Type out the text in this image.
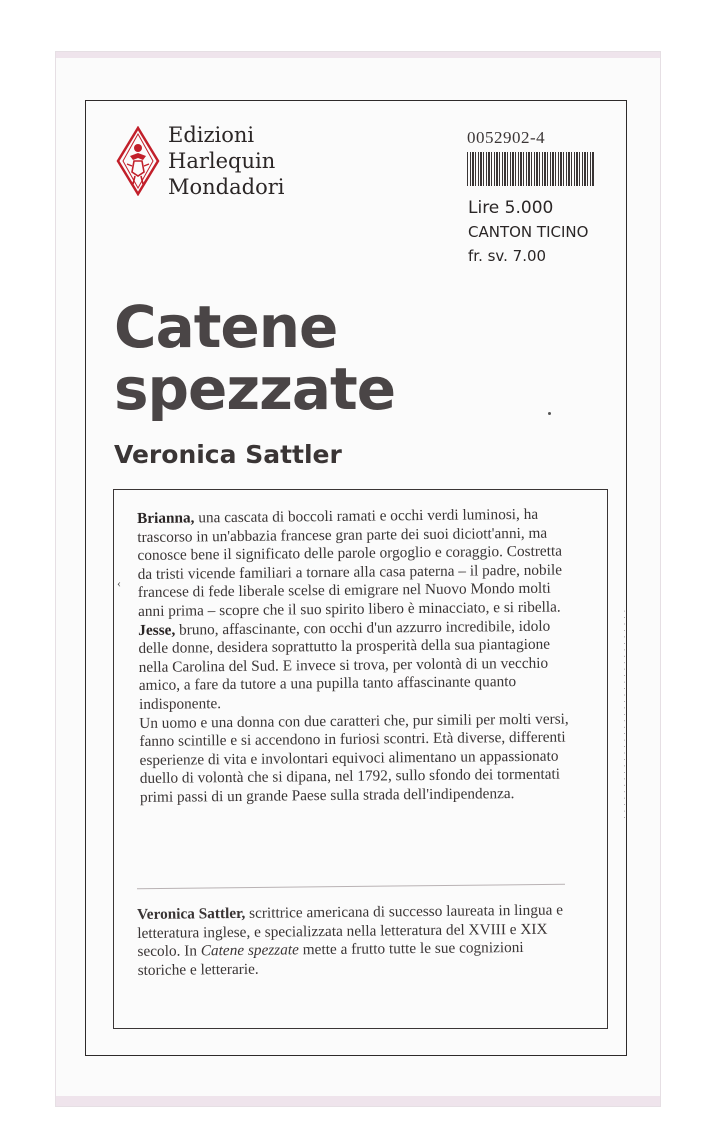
Edizioni
Harlequin
Mondadori
0052902-4
Lire 5.000
CANTON TICINO
fr. sv. 7.00
Catene
spezzate
Veronica Sattler
‹

Brianna, una cascata di boccoli ramati e occhi verdi luminosi, ha trascorso in un'abbazia francese gran parte dei suoi diciott'anni, ma conosce bene il significato delle parole orgoglio e coraggio. Costretta da tristi vicende familiari a tornare alla casa paterna – il padre, nobile francese di fede liberale scelse di emigrare nel Nuovo Mondo molti anni prima – scopre che il suo spirito libero è minacciato, e si ribella.

Jesse, bruno, affascinante, con occhi d'un azzurro incredibile, idolo delle donne, desidera soprattutto la prosperità della sua piantagione nella Carolina del Sud. E invece si trova, per volontà di un vecchio amico, a fare da tutore a una pupilla tanto affascinante quanto indisponente.

Un uomo e una donna con due caratteri che, pur simili per molti versi, fanno scintille e si accendono in furiosi scontri. Età diverse, differenti esperienze di vita e involontari equivoci alimentano un appassionato duello di volontà che si dipana, nel 1792, sullo sfondo dei tormentati primi passi di un grande Paese sulla strada dell'indipendenza.

Veronica Sattler, scrittrice americana di successo laureata in lingua e letteratura inglese, e specializzata nella letteratura del XVIII e XIX secolo. In Catene spezzate mette a frutto tutte le sue cognizioni storiche e letterarie.

· · · · · · · · · · · · · · · · · · · · · · · · · · · · · · · · ·
